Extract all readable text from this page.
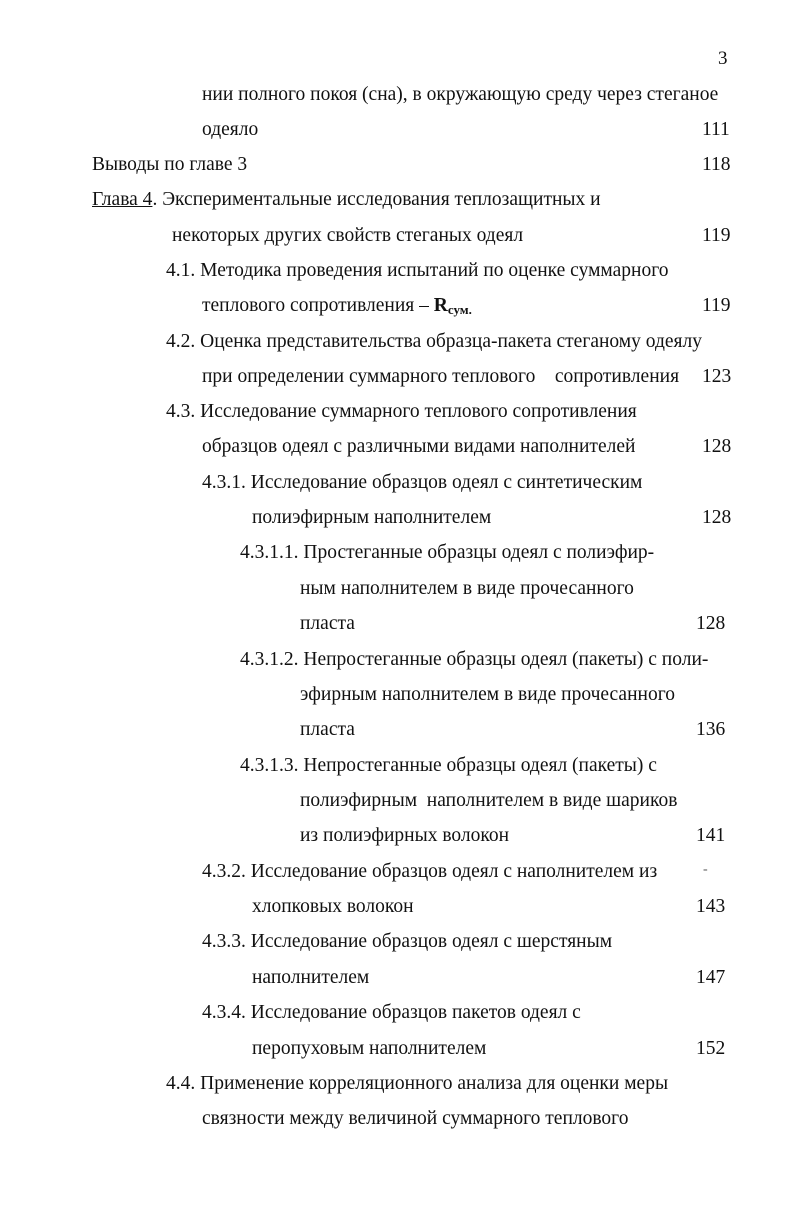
3
нии полного покоя (сна), в окружающую среду через стеганое
одеяло	111
Выводы по главе 3	118
Глава 4. Экспериментальные исследования теплозащитных и
некоторых других свойств стеганых одеял	119
4.1. Методика проведения испытаний по оценке суммарного
теплового сопротивления – $R_{сум.}$	119
4.2. Оценка представительства образца-пакета стеганому одеялу
при определении суммарного теплового    сопротивления 123
4.3. Исследование суммарного теплового сопротивления
образцов одеял с различными видами наполнителей	128
4.3.1. Исследование образцов одеял с синтетическим
полиэфирным наполнителем	128
4.3.1.1. Простеганные образцы одеял с полиэфир-
ным наполнителем в виде прочесанного
пласта	128
4.3.1.2. Непростеганные образцы одеял (пакеты) с поли-
эфирным наполнителем в виде прочесанного
пласта	136
4.3.1.3. Непростеганные образцы одеял (пакеты) с
полиэфирным  наполнителем в виде шариков
из полиэфирных волокон	141
4.3.2. Исследование образцов одеял с наполнителем из	-
хлопковых волокон	143
4.3.3. Исследование образцов одеял с шерстяным
наполнителем	147
4.3.4. Исследование образцов пакетов одеял с
перопуховым наполнителем	152
4.4. Применение корреляционного анализа для оценки меры
связности между величиной суммарного теплового
